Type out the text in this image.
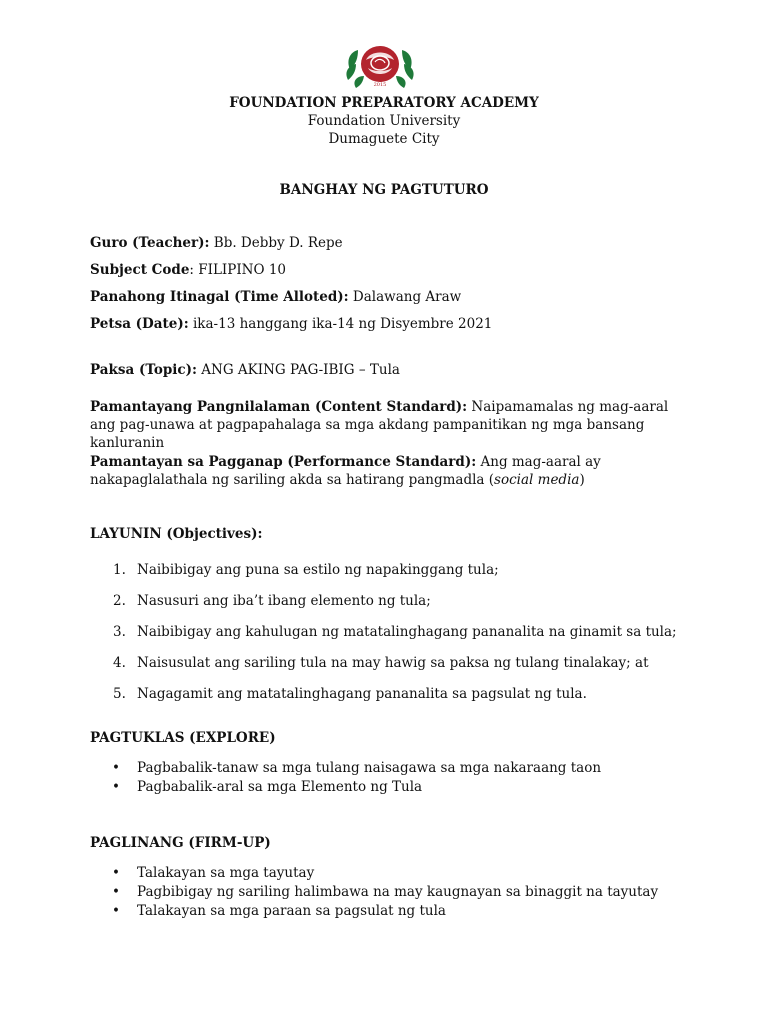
2015
FOUNDATION PREPARATORY ACADEMY
Foundation University
Dumaguete City
BANGHAY NG PAGTUTURO
Guro (Teacher): Bb. Debby D. Repe
Subject Code: FILIPINO 10
Panahong Itinagal (Time Alloted): Dalawang Araw
Petsa (Date): ika-13 hanggang ika-14 ng Disyembre 2021
Paksa (Topic): ANG AKING PAG-IBIG – Tula
Pamantayang Pangnilalaman (Content Standard): Naipamamalas ng mag-aaral ang pag-unawa at pagpapahalaga sa mga akdang pampanitikan ng mga bansang kanluranin
Pamantayan sa Pagganap (Performance Standard): Ang mag-aaral ay nakapaglalathala ng sariling akda sa hatirang pangmadla (social media)
LAYUNIN (Objectives):
1. Naibibigay ang puna sa estilo ng napakinggang tula;
2. Nasusuri ang iba’t ibang elemento ng tula;
3. Naibibigay ang kahulugan ng matatalinghagang pananalita na ginamit sa tula;
4. Naisusulat ang sariling tula na may hawig sa paksa ng tulang tinalakay; at
5. Nagagamit ang matatalinghagang pananalita sa pagsulat ng tula.
PAGTUKLAS (EXPLORE)
• Pagbabalik-tanaw sa mga tulang naisagawa sa mga nakaraang taon
• Pagbabalik-aral sa mga Elemento ng Tula
PAGLINANG (FIRM-UP)
• Talakayan sa mga tayutay
• Pagbibigay ng sariling halimbawa na may kaugnayan sa binaggit na tayutay
• Talakayan sa mga paraan sa pagsulat ng tula
